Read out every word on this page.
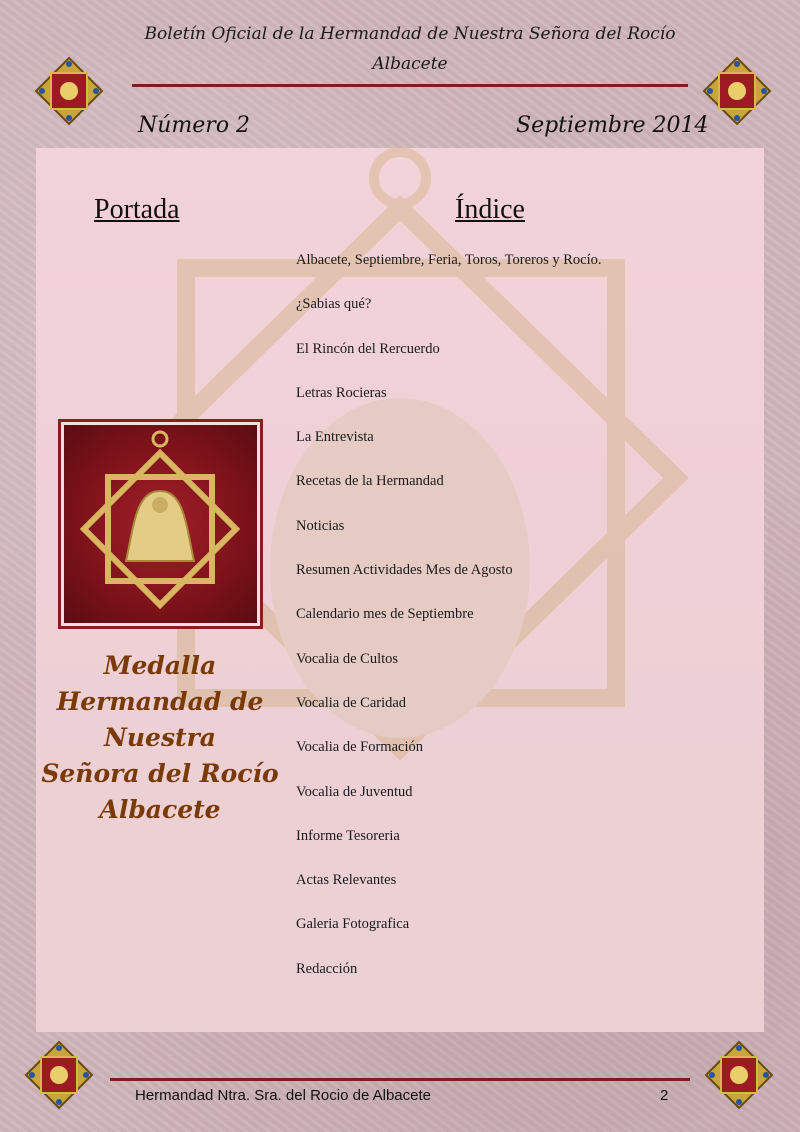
Boletín Oficial de la Hermandad de Nuestra Señora del Rocío
Albacete
Número 2	Septiembre 2014
Portada	Índice
Medalla
Hermandad de
Nuestra
Señora del Rocío
Albacete
Albacete, Septiembre, Feria, Toros, Toreros y Rocío.
¿Sabias qué?
El Rincón del Rercuerdo
Letras Rocieras
La Entrevista
Recetas de la Hermandad
Noticias
Resumen Actividades Mes de Agosto
Calendario mes de Septiembre
Vocalia de Cultos
Vocalia de Caridad
Vocalia de Formación
Vocalia de Juventud
Informe Tesoreria
Actas Relevantes
Galeria Fotografica
Redacción
Hermandad Ntra. Sra. del Rocio de Albacete	2
